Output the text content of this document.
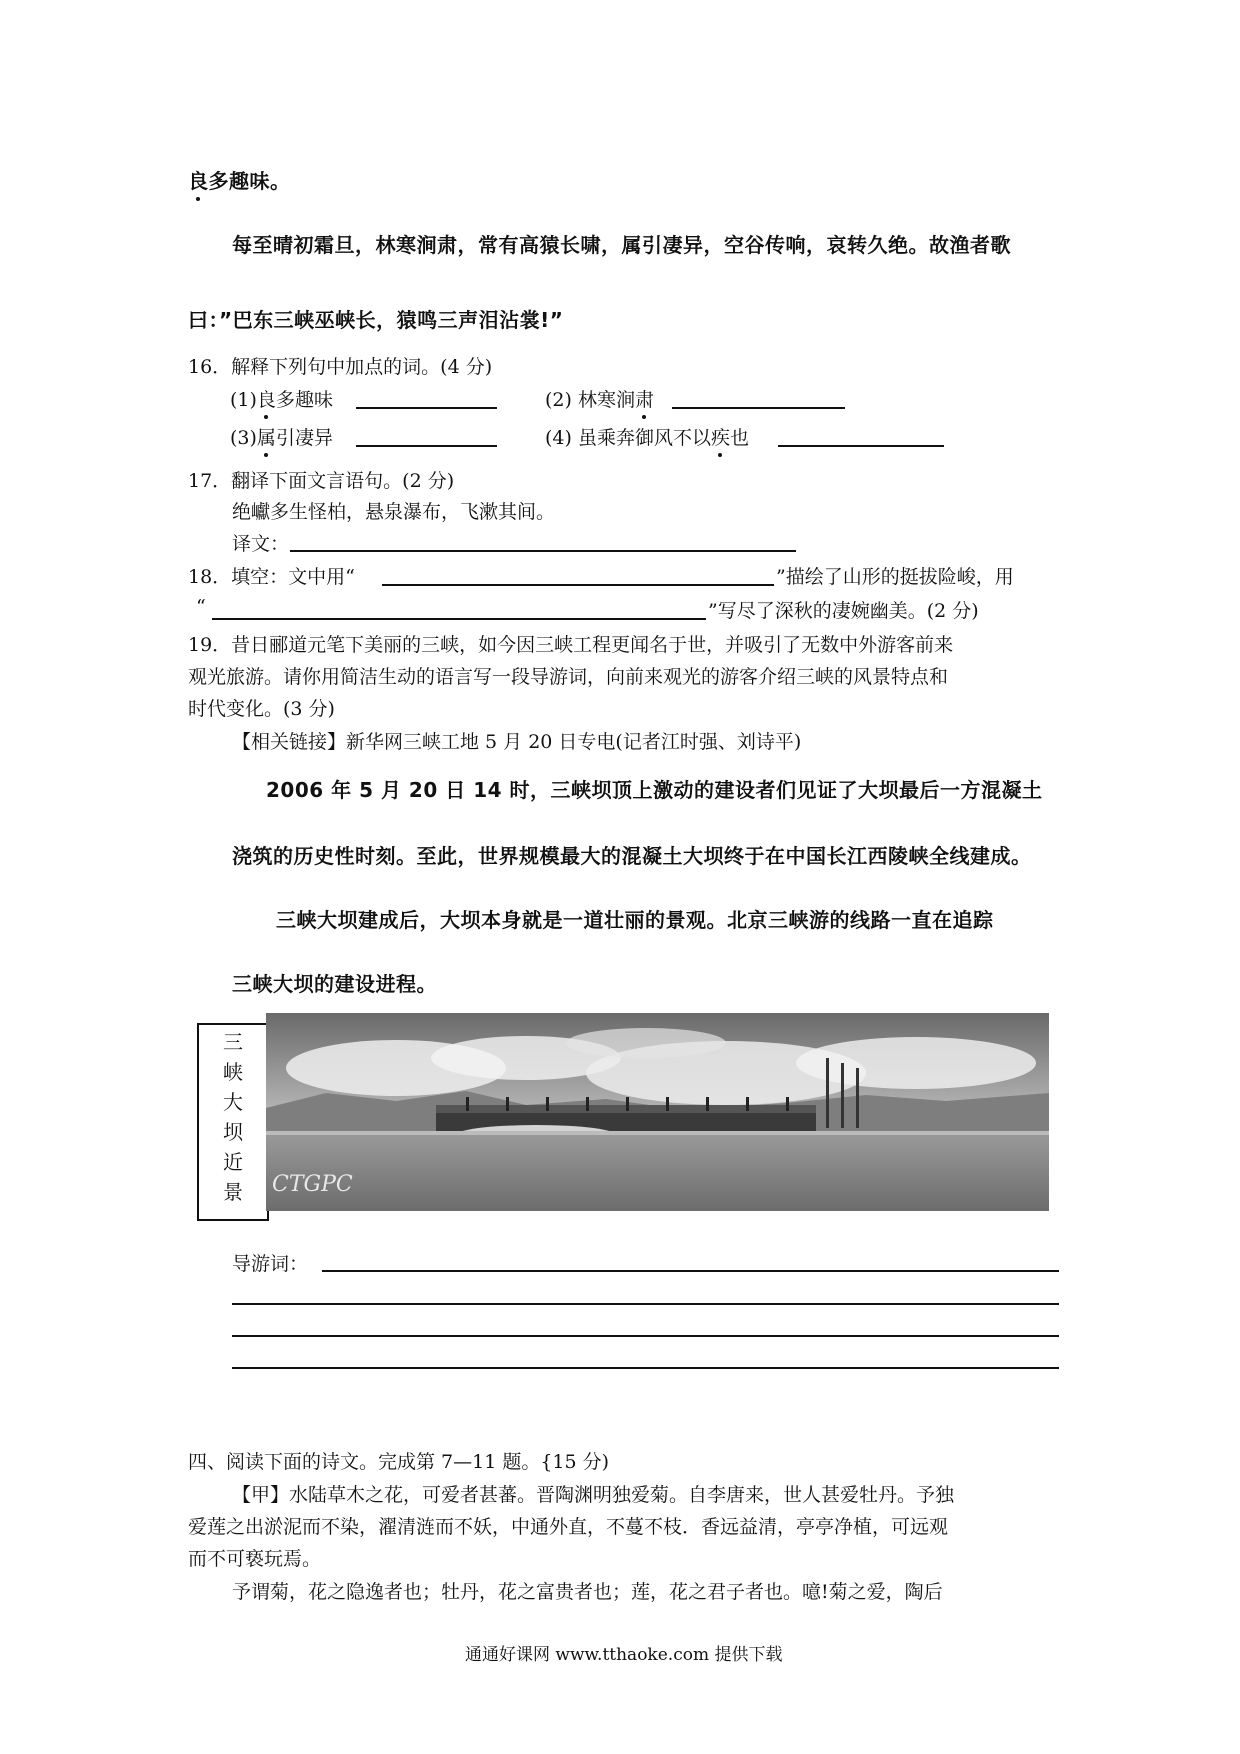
良多趣味。
每至晴初霜旦，林寒涧肃，常有高猿长啸，属引凄异，空谷传响，哀转久绝。故渔者歌
曰：”巴东三峡巫峡长，猿鸣三声泪沾裳!”
16．解释下列句中加点的词。(4 分)
(1)良多趣味	(2) 林寒涧肃
(3)属引凄异	(4) 虽乘奔御风不以疾也
17．翻译下面文言语句。(2 分)
绝巘多生怪柏，悬泉瀑布，飞漱其间。
译文：
18．填空：文中用“	”描绘了山形的挺拔险峻，用
“	”写尽了深秋的凄婉幽美。(2 分)
19．昔日郦道元笔下美丽的三峡，如今因三峡工程更闻名于世，并吸引了无数中外游客前来
观光旅游。请你用简洁生动的语言写一段导游词，向前来观光的游客介绍三峡的风景特点和
时代变化。(3 分)
【相关链接】新华网三峡工地 5 月 20 日专电(记者江时强、刘诗平)
2006 年 5 月 20 日 14 时，三峡坝顶上激动的建设者们见证了大坝最后一方混凝土
浇筑的历史性时刻。至此，世界规模最大的混凝土大坝终于在中国长江西陵峡全线建成。
三峡大坝建成后，大坝本身就是一道壮丽的景观。北京三峡游的线路一直在追踪
三峡大坝的建设进程。
三
峡
大
坝
近
景	CTGPC
导游词：
四、阅读下面的诗文。完成第 7—11 题。{15 分)
【甲】水陆草木之花，可爱者甚蕃。晋陶渊明独爱菊。自李唐来，世人甚爱牡丹。予独
爱莲之出淤泥而不染，濯清涟而不妖，中通外直，不蔓不枝．香远益清，亭亭净植，可远观
而不可亵玩焉。
予谓菊，花之隐逸者也；牡丹，花之富贵者也；莲，花之君子者也。噫!菊之爱，陶后
通通好课网 www.tthaoke.com 提供下载
